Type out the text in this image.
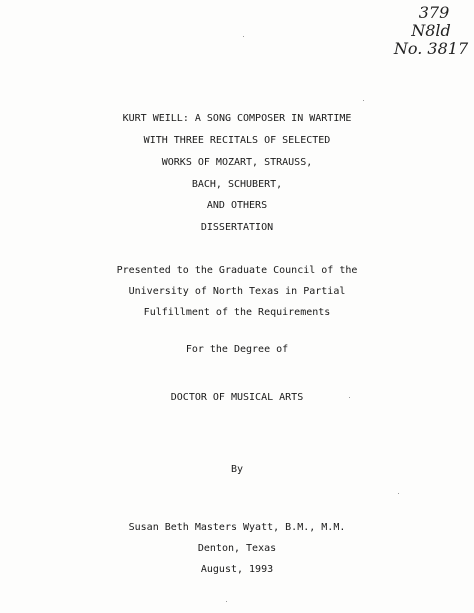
379
N8ld
No. 3817
KURT WEILL: A SONG COMPOSER IN WARTIME
WITH THREE RECITALS OF SELECTED
WORKS OF MOZART, STRAUSS,
BACH, SCHUBERT,
AND OTHERS
DISSERTATION
Presented to the Graduate Council of the
University of North Texas in Partial
Fulfillment of the Requirements
For the Degree of
DOCTOR OF MUSICAL ARTS
By
Susan Beth Masters Wyatt, B.M., M.M.
Denton, Texas
August, 1993
